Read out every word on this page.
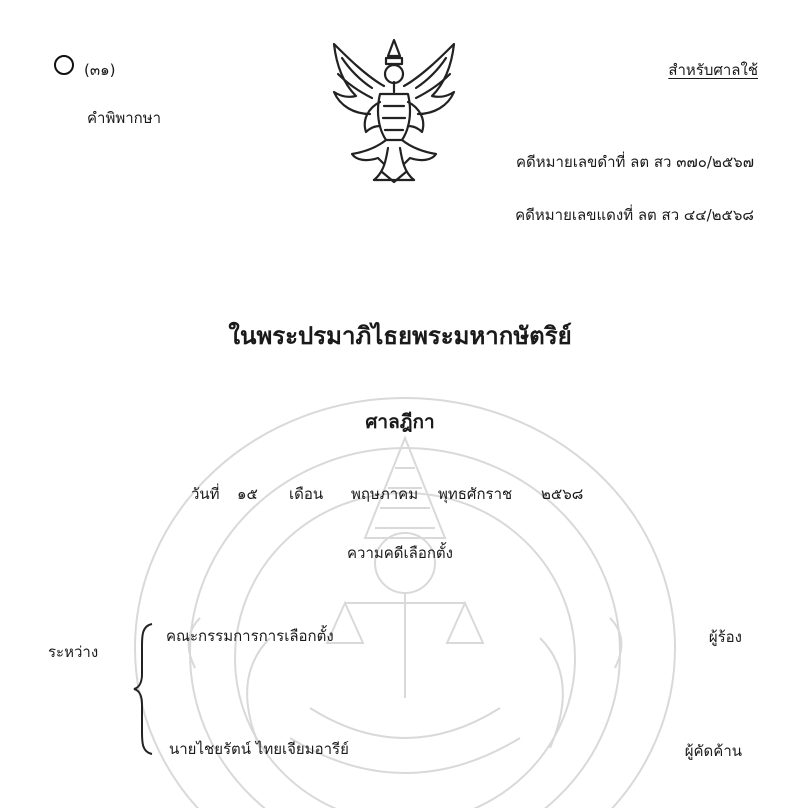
(๓๑)
คำพิพากษา
สำหรับศาลใช้
คดีหมายเลขดำที่ ลต สว ๓๗๐/๒๕๖๗
คดีหมายเลขแดงที่ ลต สว ๔๔/๒๕๖๘
ในพระปรมาภิไธยพระมหากษัตริย์
ศาลฎีกา
วันที่	๑๕	เดือน	พฤษภาคม	พุทธศักราช	๒๕๖๘
ความคดีเลือกตั้ง
ระหว่าง
คณะกรรมการการเลือกตั้ง	ผู้ร้อง
นายไชยรัตน์ ไทยเจียมอารีย์	ผู้คัดค้าน
